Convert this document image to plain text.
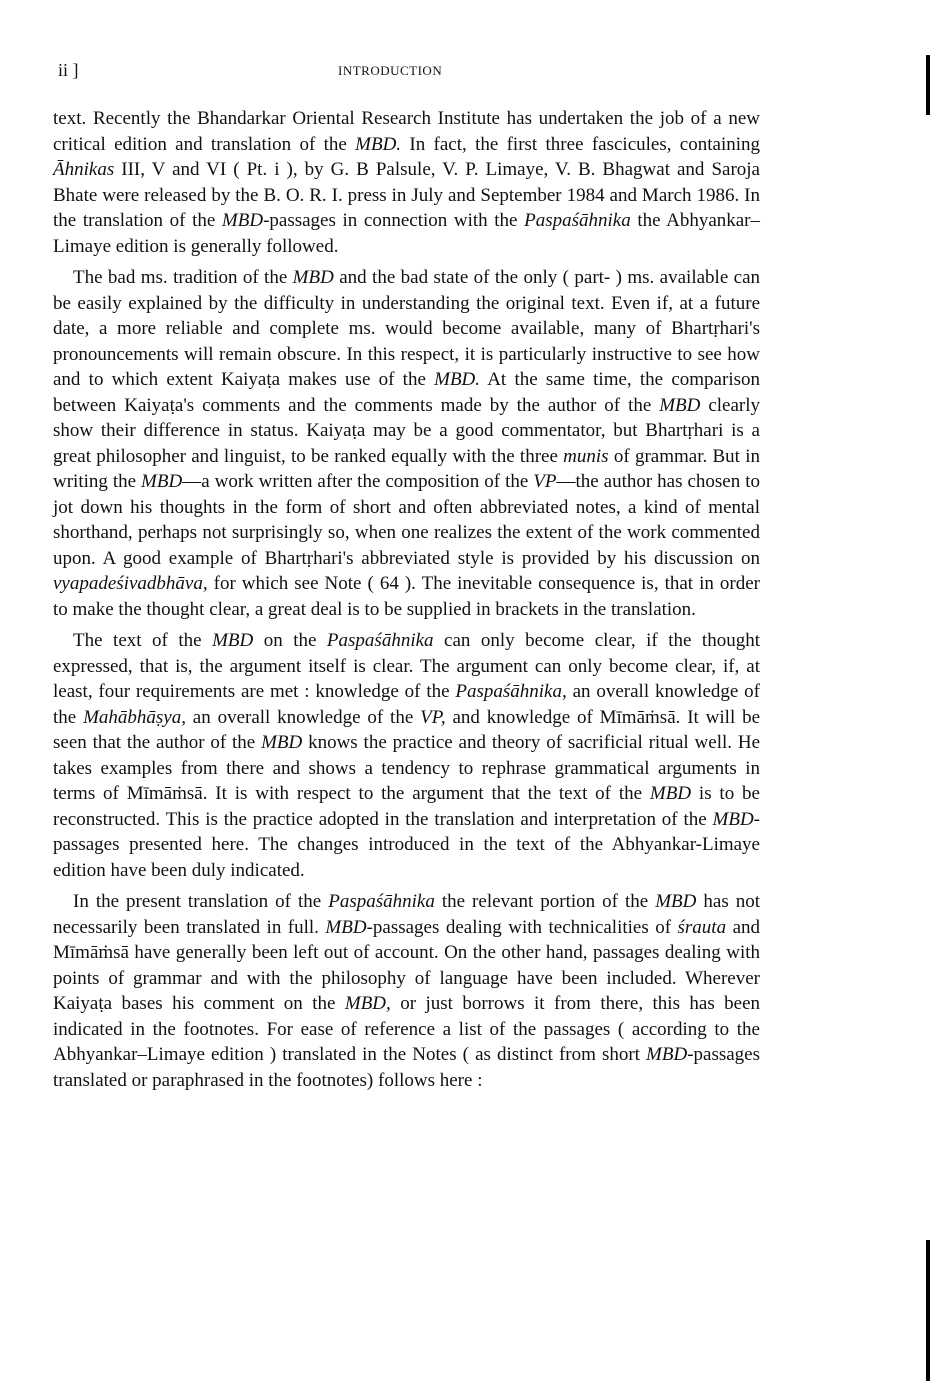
ii ]	INTRODUCTION

text. Recently the Bhandarkar Oriental Research Institute has undertaken the job of a new critical edition and translation of the MBD. In fact, the first three fascicules, containing Āhnikas III, V and VI ( Pt. i ), by G. B Palsule, V. P. Limaye, V. B. Bhagwat and Saroja Bhate were released by the B. O. R. I. press in July and September 1984 and March 1986. In the translation of the MBD-passages in connection with the Paspaśāhnika the Abhyankar–Limaye edition is generally followed.

The bad ms. tradition of the MBD and the bad state of the only ( part- ) ms. available can be easily explained by the difficulty in understanding the original text. Even if, at a future date, a more reliable and complete ms. would become available, many of Bhartṛhari's pronouncements will remain obscure. In this respect, it is particularly instructive to see how and to which extent Kaiyaṭa makes use of the MBD. At the same time, the comparison between Kaiyaṭa's comments and the comments made by the author of the MBD clearly show their difference in status. Kaiyaṭa may be a good commentator, but Bhartṛhari is a great philosopher and linguist, to be ranked equally with the three munis of grammar. But in writing the MBD—a work written after the composition of the VP—the author has chosen to jot down his thoughts in the form of short and often abbreviated notes, a kind of mental shorthand, perhaps not surprisingly so, when one realizes the extent of the work commented upon. A good example of Bhartṛhari's abbreviated style is provided by his discussion on vyapadeśivadbhāva, for which see Note ( 64 ). The inevitable consequence is, that in order to make the thought clear, a great deal is to be supplied in brackets in the translation.

The text of the MBD on the Paspaśāhnika can only become clear, if the thought expressed, that is, the argument itself is clear. The argument can only become clear, if, at least, four requirements are met : knowledge of the Paspaśāhnika, an overall knowledge of the Mahābhāṣya, an overall knowledge of the VP, and knowledge of Mīmāṁsā. It will be seen that the author of the MBD knows the practice and theory of sacrificial ritual well. He takes examples from there and shows a tendency to rephrase grammatical arguments in terms of Mīmāṁsā. It is with respect to the argument that the text of the MBD is to be reconstructed. This is the practice adopted in the translation and interpretation of the MBD-passages presented here. The changes introduced in the text of the Abhyankar-Limaye edition have been duly indicated.

In the present translation of the Paspaśāhnika the relevant portion of the MBD has not necessarily been translated in full. MBD-passages dealing with technicalities of śrauta and Mīmāṁsā have generally been left out of account. On the other hand, passages dealing with points of grammar and with the philosophy of language have been included. Wherever Kaiyaṭa bases his comment on the MBD, or just borrows it from there, this has been indicated in the footnotes. For ease of reference a list of the passages ( according to the Abhyankar–Limaye edition ) translated in the Notes ( as distinct from short MBD-passages translated or paraphrased in the footnotes) follows here :
